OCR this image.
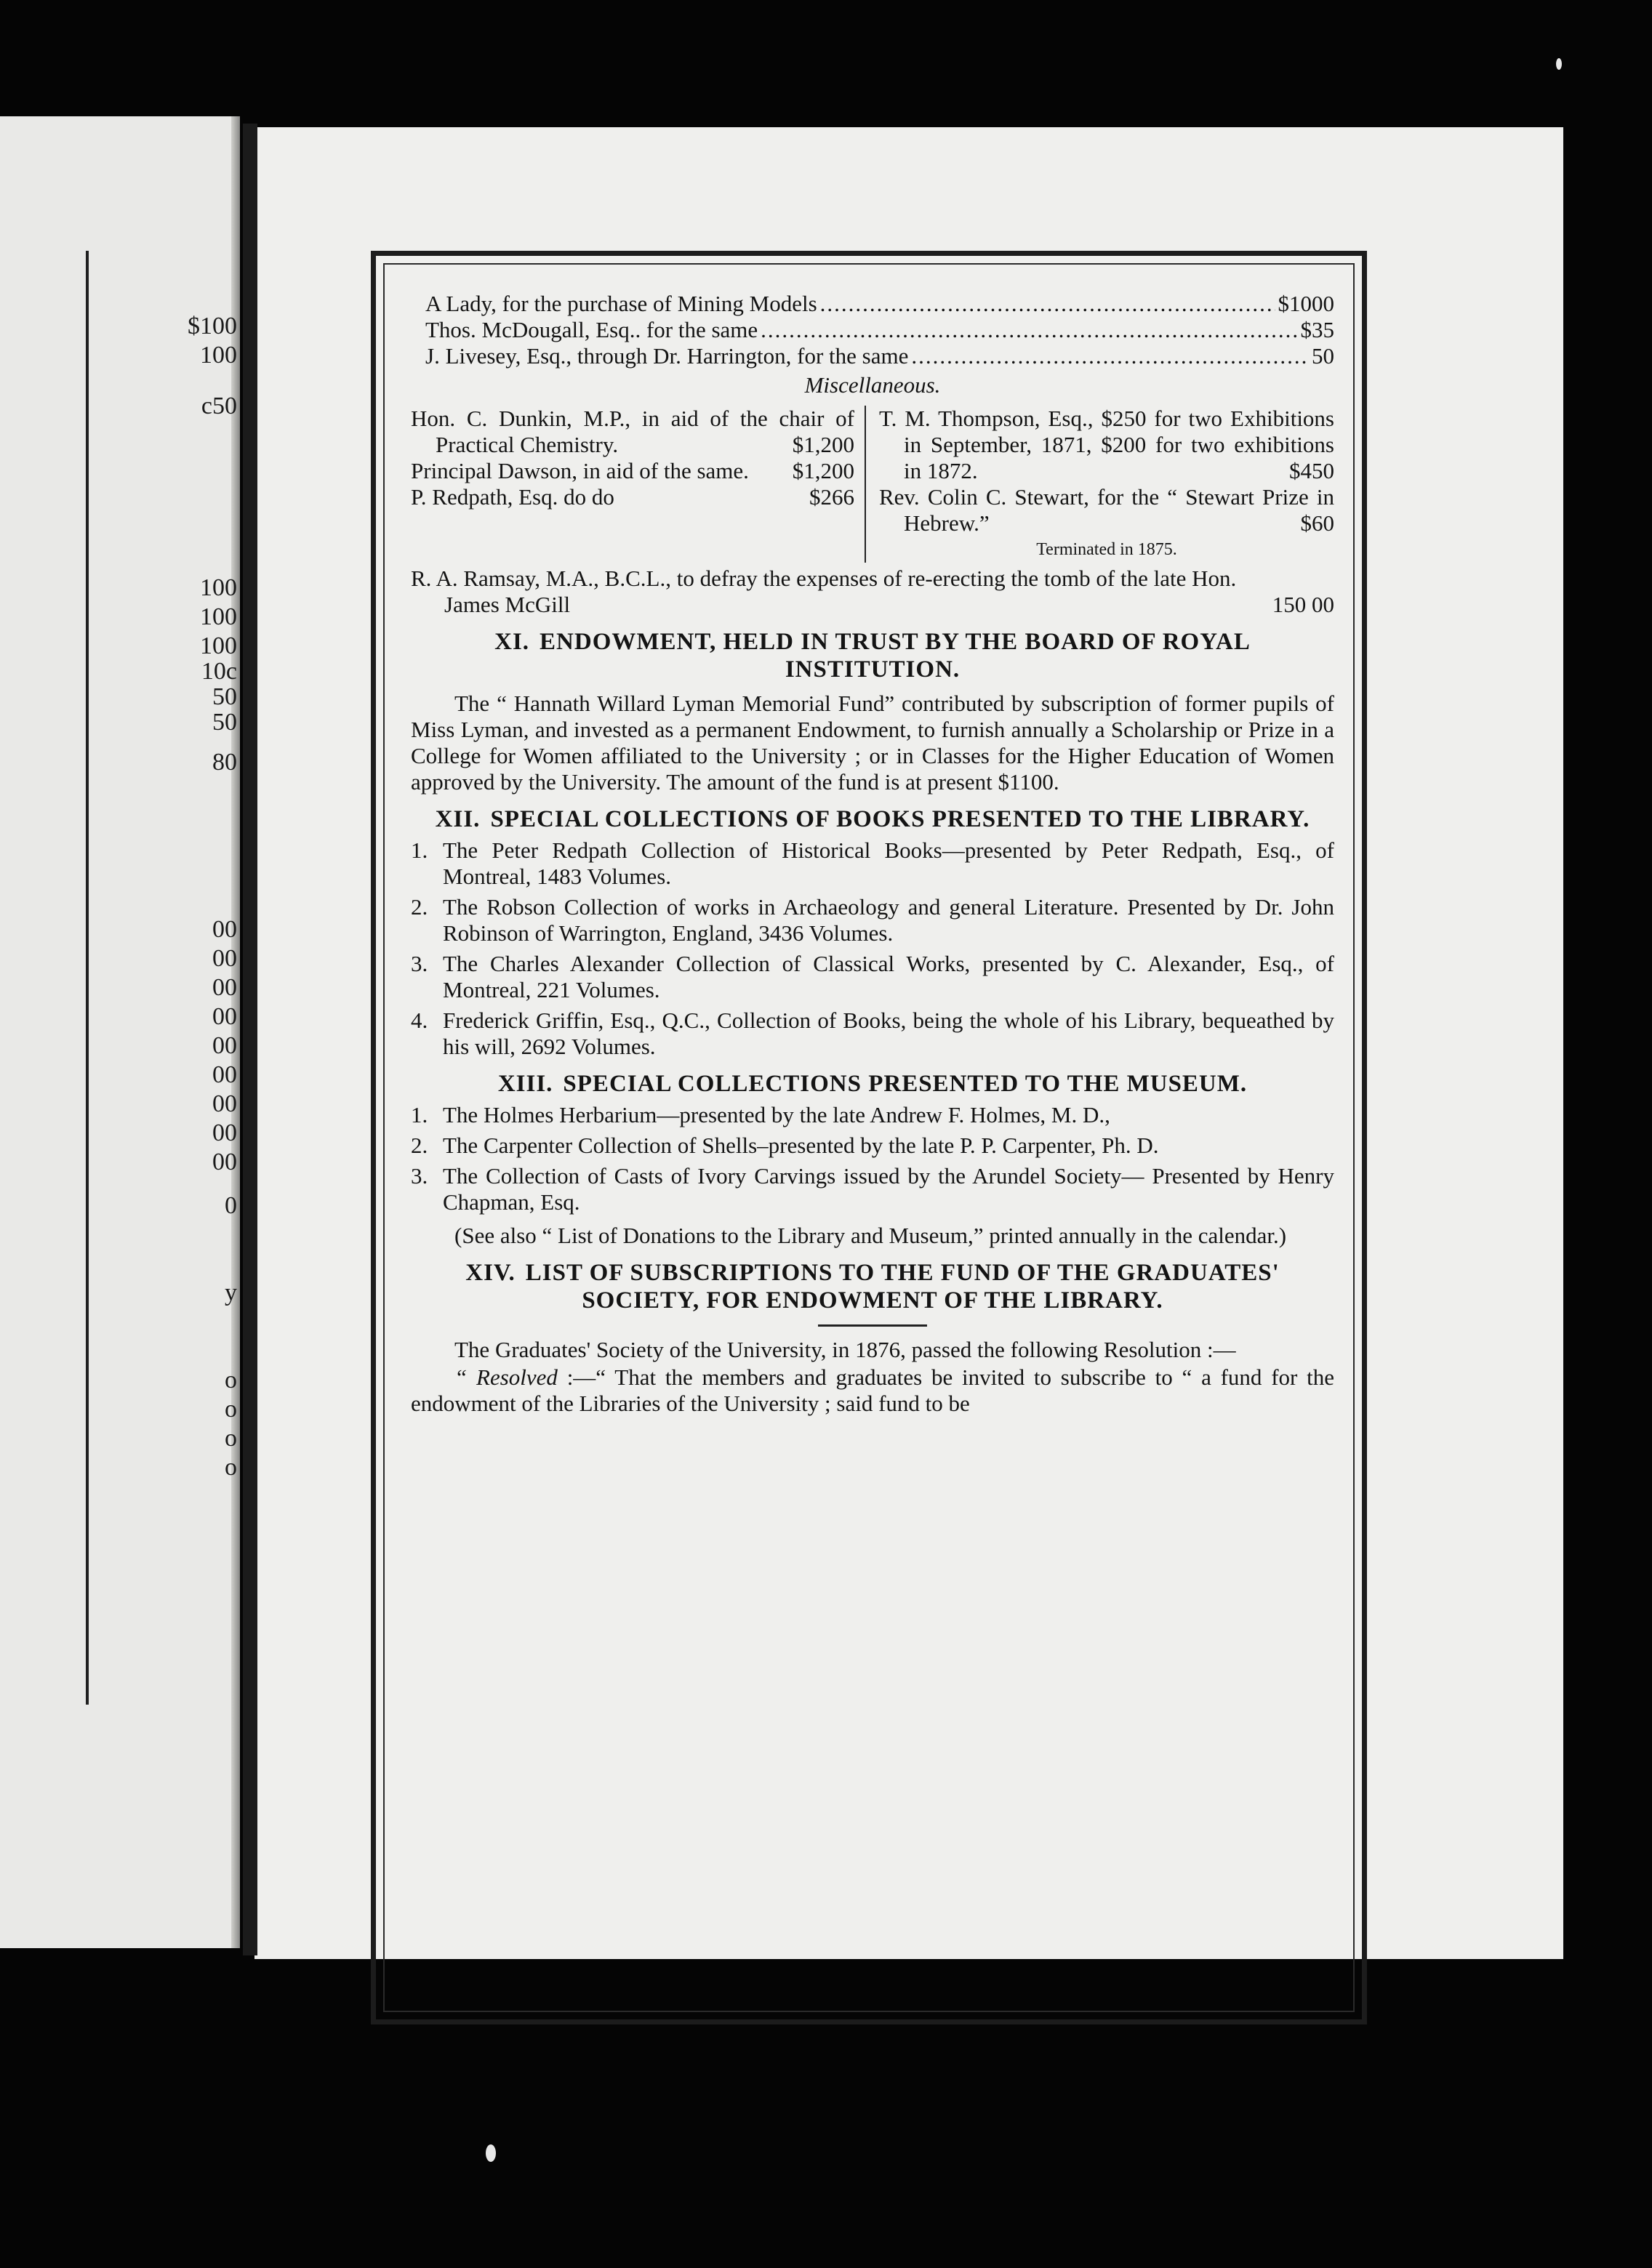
$100
100
c50
100
100
100
10c
50
50
80
00
00
00
00
00
00
00
00
00
0
y
o
o
o
o
A Lady, for the purchase of Mining Models .....	$1000
Thos. McDougall, Esq.. for the same .....	$35
J. Livesey, Esq., through Dr. Harrington, for the same .....	50
Miscellaneous.
Hon. C. Dunkin, M.P., in aid of the chair of Practical Chemistry.	$1,200
Principal Dawson, in aid of the same. $1,200
P. Redpath, Esq. do do	$266
T. M. Thompson, Esq., $250 for two Exhibitions in September, 1871, $200 for two exhibitions in 1872.	$450
Rev. Colin C. Stewart, for the “ Stewart Prize in Hebrew.”	$60
Terminated in 1875.
R. A. Ramsay, M.A., B.C.L., to defray the expenses of re-erecting the tomb of the late Hon. James McGill	150 00
XI. ENDOWMENT, HELD IN TRUST BY THE BOARD OF ROYAL INSTITUTION.

The “ Hannath Willard Lyman Memorial Fund” contributed by subscription of former pupils of Miss Lyman, and invested as a permanent Endowment, to furnish annually a Scholarship or Prize in a College for Women affiliated to the University ; or in Classes for the Higher Education of Women approved by the University. The amount of the fund is at present $1100.

XII. SPECIAL COLLECTIONS OF BOOKS PRESENTED TO THE LIBRARY.
1. The Peter Redpath Collection of Historical Books—presented by Peter Redpath, Esq., of Montreal, 1483 Volumes.
2. The Robson Collection of works in Archaeology and general Literature. Presented by Dr. John Robinson of Warrington, England, 3436 Volumes.
3. The Charles Alexander Collection of Classical Works, presented by C. Alexander, Esq., of Montreal, 221 Volumes.
4. Frederick Griffin, Esq., Q.C., Collection of Books, being the whole of his Library, bequeathed by his will, 2692 Volumes.
XIII. SPECIAL COLLECTIONS PRESENTED TO THE MUSEUM.
1. The Holmes Herbarium—presented by the late Andrew F. Holmes, M. D.,
2. The Carpenter Collection of Shells–presented by the late P. P. Carpenter, Ph. D.
3. The Collection of Casts of Ivory Carvings issued by the Arundel Society— Presented by Henry Chapman, Esq.

(See also “ List of Donations to the Library and Museum,” printed annually in the calendar.)

XIV. LIST OF SUBSCRIPTIONS TO THE FUND OF THE GRADUATES' SOCIETY, FOR ENDOWMENT OF THE LIBRARY.

The Graduates' Society of the University, in 1876, passed the following Resolution :—

“ Resolved :—“ That the members and graduates be invited to subscribe to “ a fund for the endowment of the Libraries of the University ; said fund to be
